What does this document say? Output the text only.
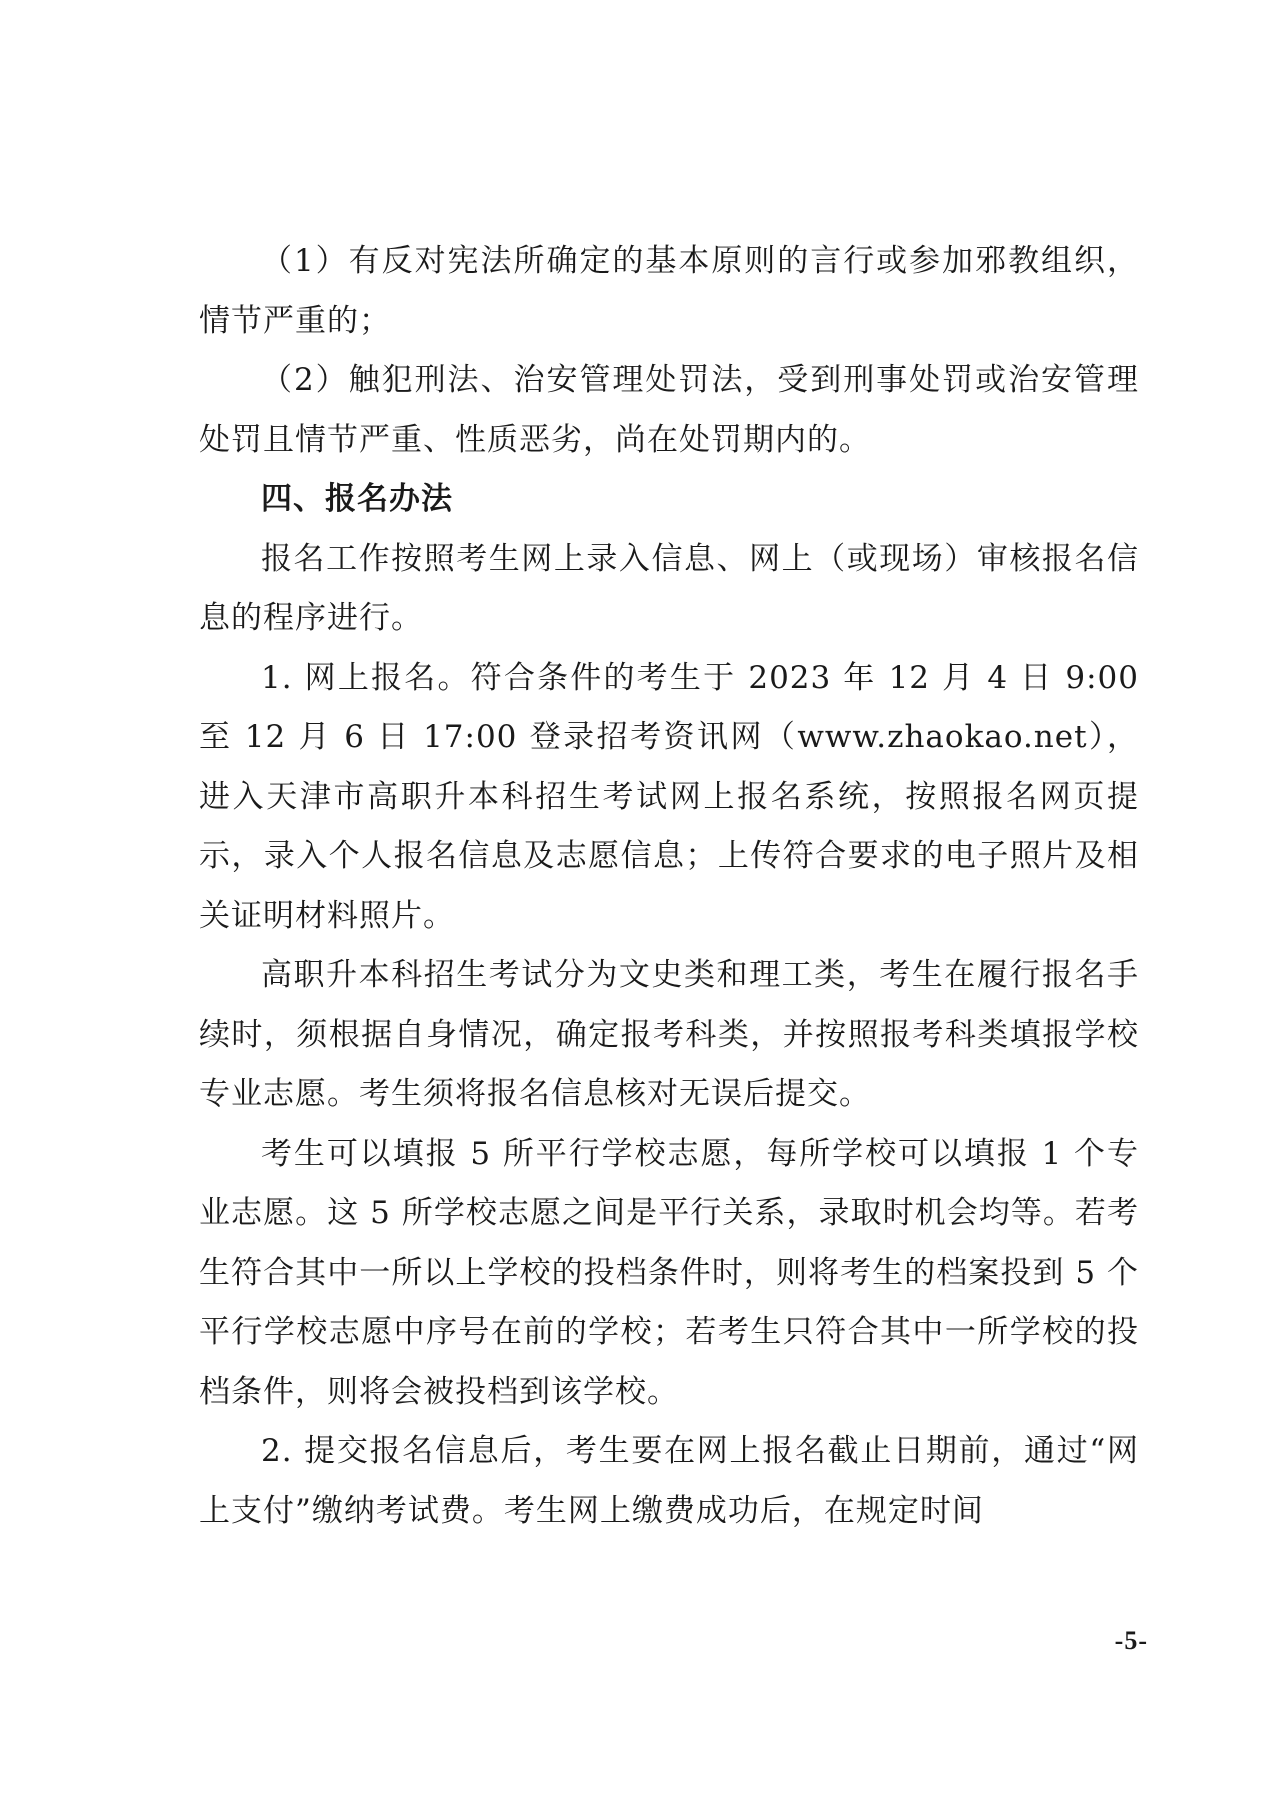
（1）有反对宪法所确定的基本原则的言行或参加邪教组织，情节严重的；

（2）触犯刑法、治安管理处罚法，受到刑事处罚或治安管理处罚且情节严重、性质恶劣，尚在处罚期内的。

四、报名办法

报名工作按照考生网上录入信息、网上（或现场）审核报名信息的程序进行。

1. 网上报名。符合条件的考生于 2023 年 12 月 4 日 9:00 至 12 月 6 日 17:00 登录招考资讯网（www.zhaokao.net），进入天津市高职升本科招生考试网上报名系统，按照报名网页提示，录入个人报名信息及志愿信息；上传符合要求的电子照片及相关证明材料照片。

高职升本科招生考试分为文史类和理工类，考生在履行报名手续时，须根据自身情况，确定报考科类，并按照报考科类填报学校专业志愿。考生须将报名信息核对无误后提交。

考生可以填报 5 所平行学校志愿，每所学校可以填报 1 个专业志愿。这 5 所学校志愿之间是平行关系，录取时机会均等。若考生符合其中一所以上学校的投档条件时，则将考生的档案投到 5 个平行学校志愿中序号在前的学校；若考生只符合其中一所学校的投档条件，则将会被投档到该学校。

2. 提交报名信息后，考生要在网上报名截止日期前，通过“网上支付”缴纳考试费。考生网上缴费成功后，在规定时间

-5-
